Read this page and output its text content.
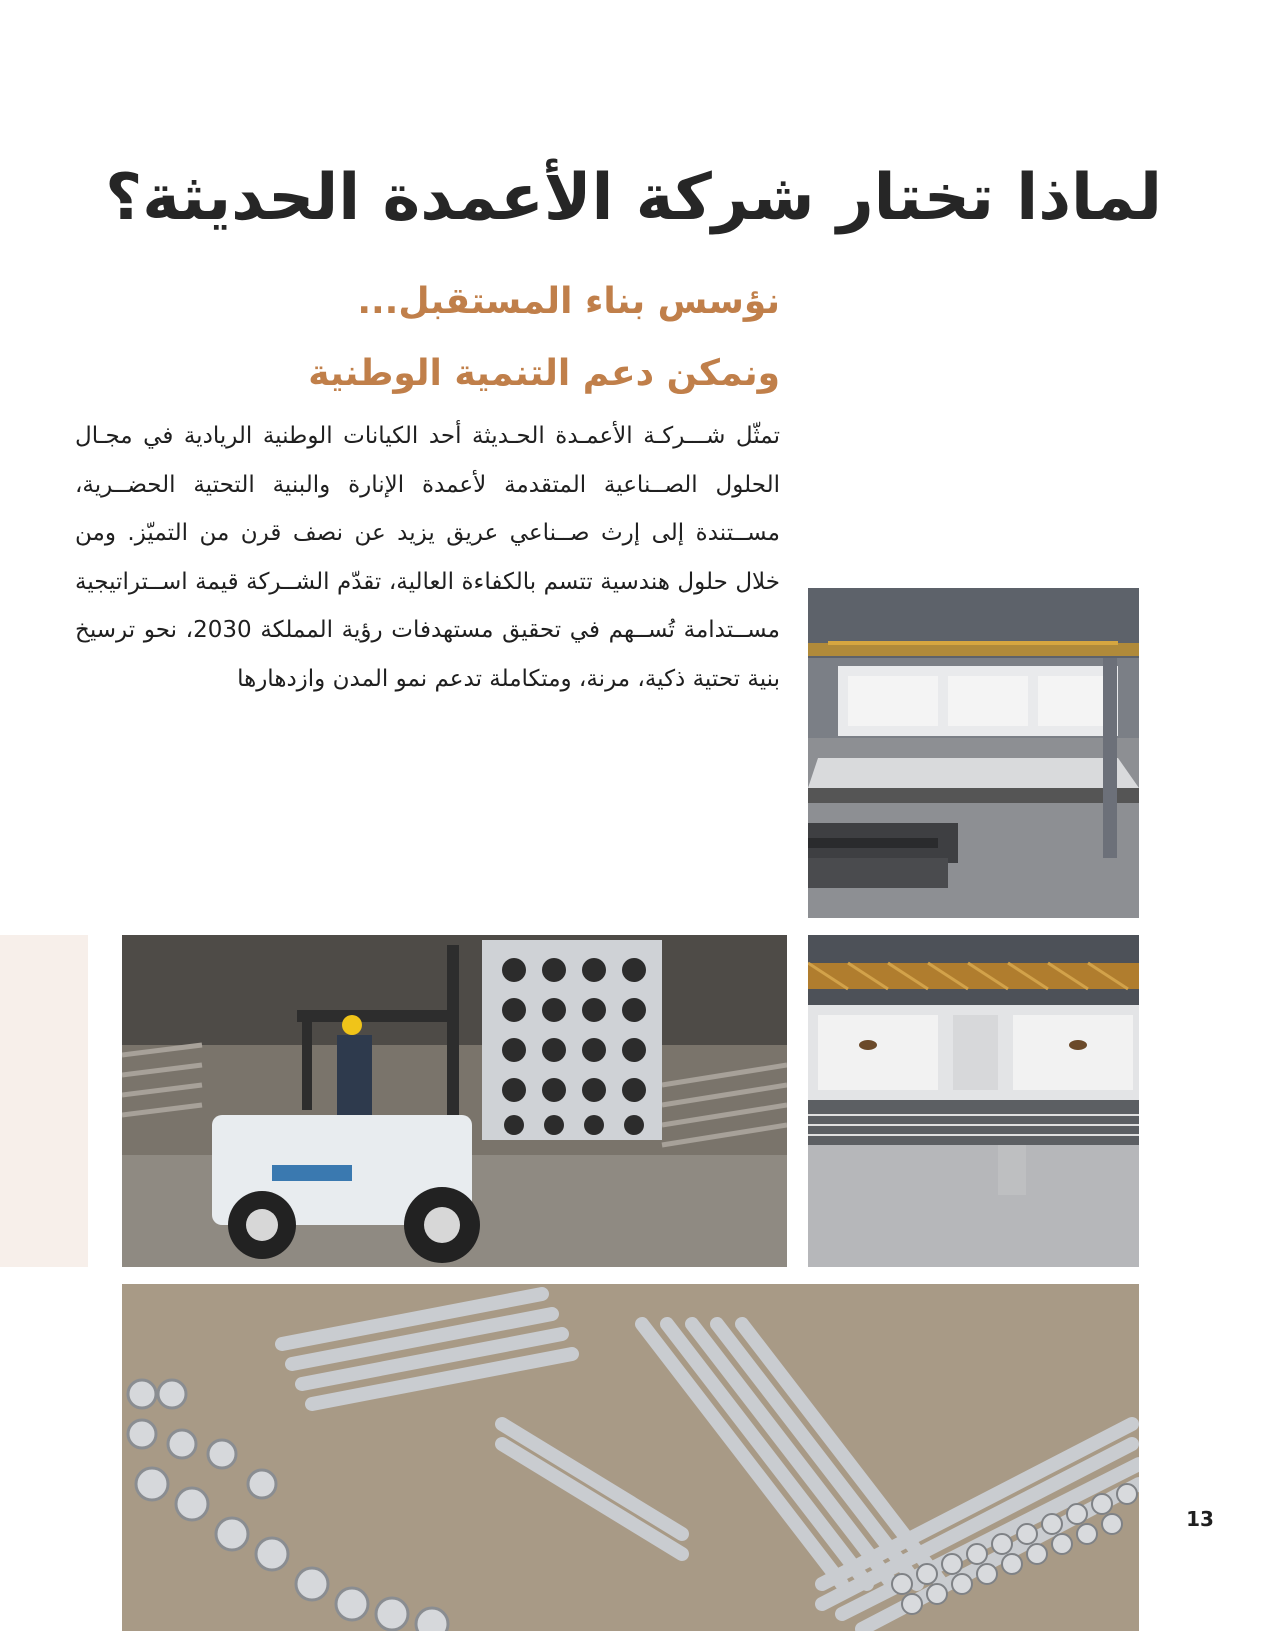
لماذا تختار شركة الأعمدة الحديثة؟
نؤسس بناء المستقبل...
ونمكن دعم التنمية الوطنية

تمثّل شـــركـة الأعمـدة الحـديثة أحد الكيانات الوطنية الريادية في مجـال الحلول الصــناعية المتقدمة لأعمدة الإنارة والبنية التحتية الحضــرية، مســتندة إلى إرث صــناعي عريق يزيد عن نصف قرن من التميّز. ومن خلال حلول هندسية تتسم بالكفاءة العالية، تقدّم الشــركة قيمة اســتراتيجية مســتدامة تُســهم في تحقيق مستهدفات رؤية المملكة 2030، نحو ترسيخ بنية تحتية ذكية، مرنة، ومتكاملة تدعم نمو المدن وازدهارها

13
